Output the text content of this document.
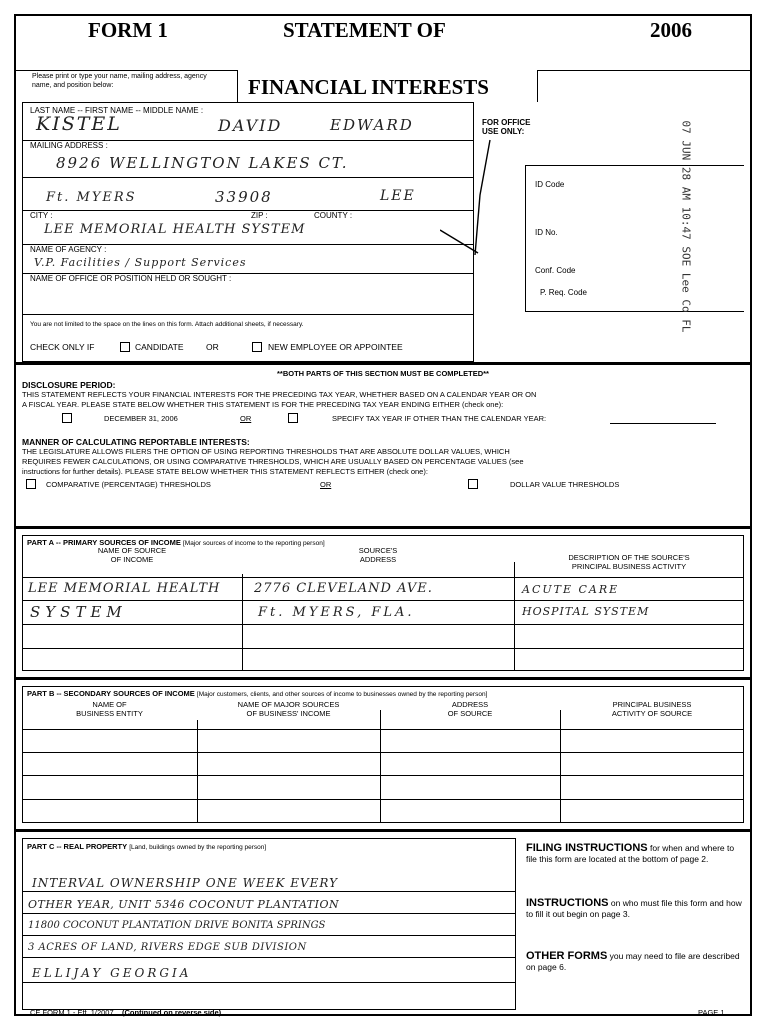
FORM 1	STATEMENT OF	2006
Please print or type your name, mailing address, agency name, and position below:	FINANCIAL INTERESTS
LAST NAME -- FIRST NAME -- MIDDLE NAME :
KISTEL	DAVID	EDWARD
MAILING ADDRESS :
8926 WELLINGTON LAKES CT.
Ft. MYERS	33908	LEE
CITY :	ZIP :	COUNTY :
LEE MEMORIAL HEALTH SYSTEM
NAME OF AGENCY :
V.P. Facilities / Support Services
NAME OF OFFICE OR POSITION HELD OR SOUGHT :
You are not limited to the space on the lines on this form. Attach additional sheets, if necessary.
CHECK ONLY IF	CANDIDATE	OR	NEW EMPLOYEE OR APPOINTEE
FOR OFFICE
USE ONLY:
ID Code
ID No.
Conf. Code
P. Req. Code	07 JUN 28 AM 10:47 SOE Lee Co FL
**BOTH PARTS OF THIS SECTION MUST BE COMPLETED**
DISCLOSURE PERIOD:
THIS STATEMENT REFLECTS YOUR FINANCIAL INTERESTS FOR THE PRECEDING TAX YEAR, WHETHER BASED ON A CALENDAR YEAR OR ON
A FISCAL YEAR. PLEASE STATE BELOW WHETHER THIS STATEMENT IS FOR THE PRECEDING TAX YEAR ENDING EITHER (check one):
DECEMBER 31, 2006	OR	SPECIFY TAX YEAR IF OTHER THAN THE CALENDAR YEAR:
MANNER OF CALCULATING REPORTABLE INTERESTS:
THE LEGISLATURE ALLOWS FILERS THE OPTION OF USING REPORTING THRESHOLDS THAT ARE ABSOLUTE DOLLAR VALUES, WHICH
REQUIRES FEWER CALCULATIONS, OR USING COMPARATIVE THRESHOLDS, WHICH ARE USUALLY BASED ON PERCENTAGE VALUES (see
instructions for further details). PLEASE STATE BELOW WHETHER THIS STATEMENT REFLECTS EITHER (check one):
COMPARATIVE (PERCENTAGE) THRESHOLDS	OR	DOLLAR VALUE THRESHOLDS
PART A -- PRIMARY SOURCES OF INCOME [Major sources of income to the reporting person]
NAME OF SOURCE
OF INCOME
SOURCE'S
ADDRESS	DESCRIPTION OF THE SOURCE'S
PRINCIPAL BUSINESS ACTIVITY
LEE MEMORIAL HEALTH	2776 CLEVELAND AVE.	ACUTE CARE
SYSTEM	Ft. MYERS, FLA.	HOSPITAL SYSTEM
PART B -- SECONDARY SOURCES OF INCOME [Major customers, clients, and other sources of income to businesses owned by the reporting person]
NAME OF
BUSINESS ENTITY
NAME OF MAJOR SOURCES
OF BUSINESS' INCOME
ADDRESS
OF SOURCE
PRINCIPAL BUSINESS
ACTIVITY OF SOURCE
PART C -- REAL PROPERTY [Land, buildings owned by the reporting person]
INTERVAL OWNERSHIP ONE WEEK EVERY
OTHER YEAR, UNIT 5346 COCONUT PLANTATION
11800 COCONUT PLANTATION DRIVE BONITA SPRINGS
3 ACRES OF LAND, RIVERS EDGE SUB DIVISION
ELLIJAY GEORGIA
FILING INSTRUCTIONS for when and where to file this form are located at the bottom of page 2.
INSTRUCTIONS on who must file this form and how to fill it out begin on page 3.
OTHER FORMS you may need to file are described on page 6.
CE FORM 1 - Eff. 1/2007 (Continued on reverse side)	PAGE 1
